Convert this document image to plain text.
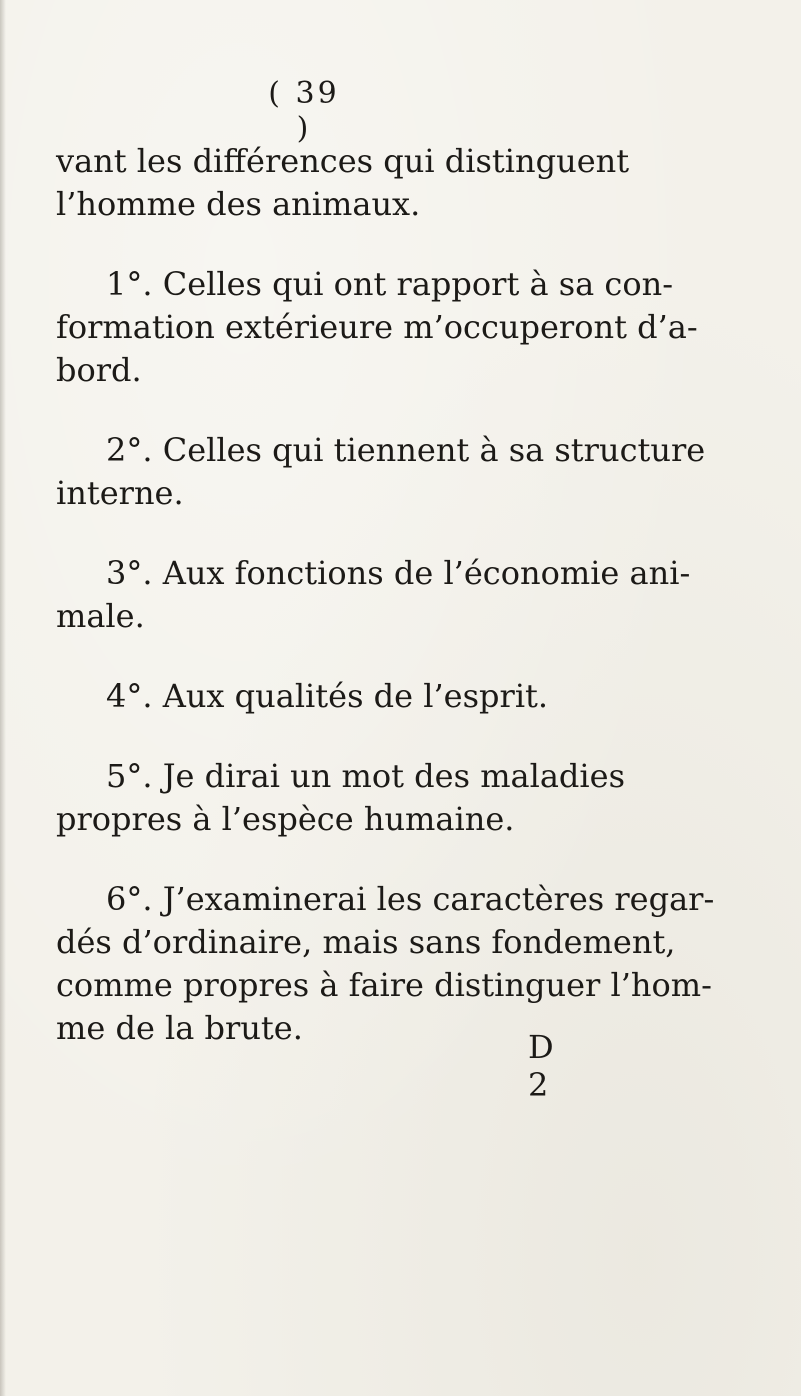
( 39 )
vant les différences qui distinguent
l’homme des animaux.
1°. Celles qui ont rapport à sa con-
formation extérieure m’occuperont d’a-
bord.
2°. Celles qui tiennent à sa structure
interne.
3°. Aux fonctions de l’économie ani-
male.
4°. Aux qualités de l’esprit.
5°. Je dirai un mot des maladies
propres à l’espèce humaine.
6°. J’examinerai les caractères regar-
dés d’ordinaire, mais sans fondement,
comme propres à faire distinguer l’hom-
me de la brute.	D 2
